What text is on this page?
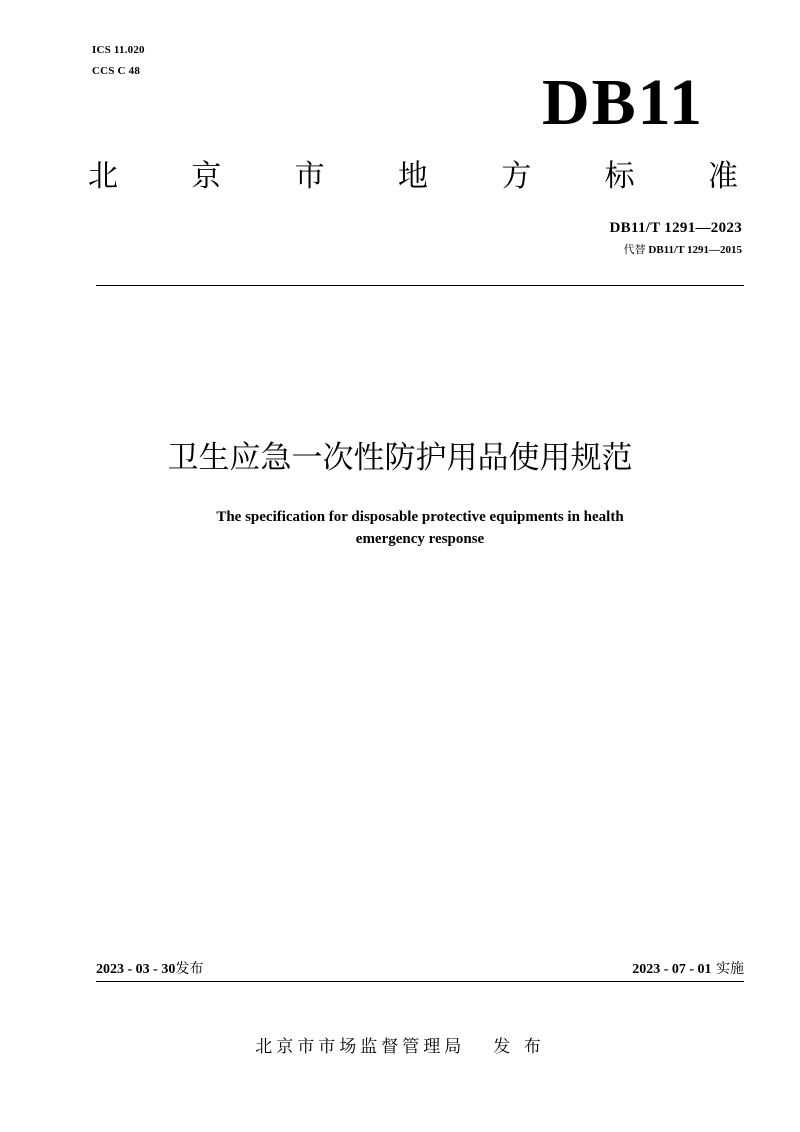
ICS 11.020
CCS C 48	DB11
北 京 市 地 方 标 准
DB11/T 1291—2023
代替 DB11/T 1291—2015
卫生应急一次性防护用品使用规范
The specification for disposable protective equipments in health
emergency response
2023 - 03 - 30发布	2023 - 07 - 01 实施
北京市市场监督管理局 发 布
